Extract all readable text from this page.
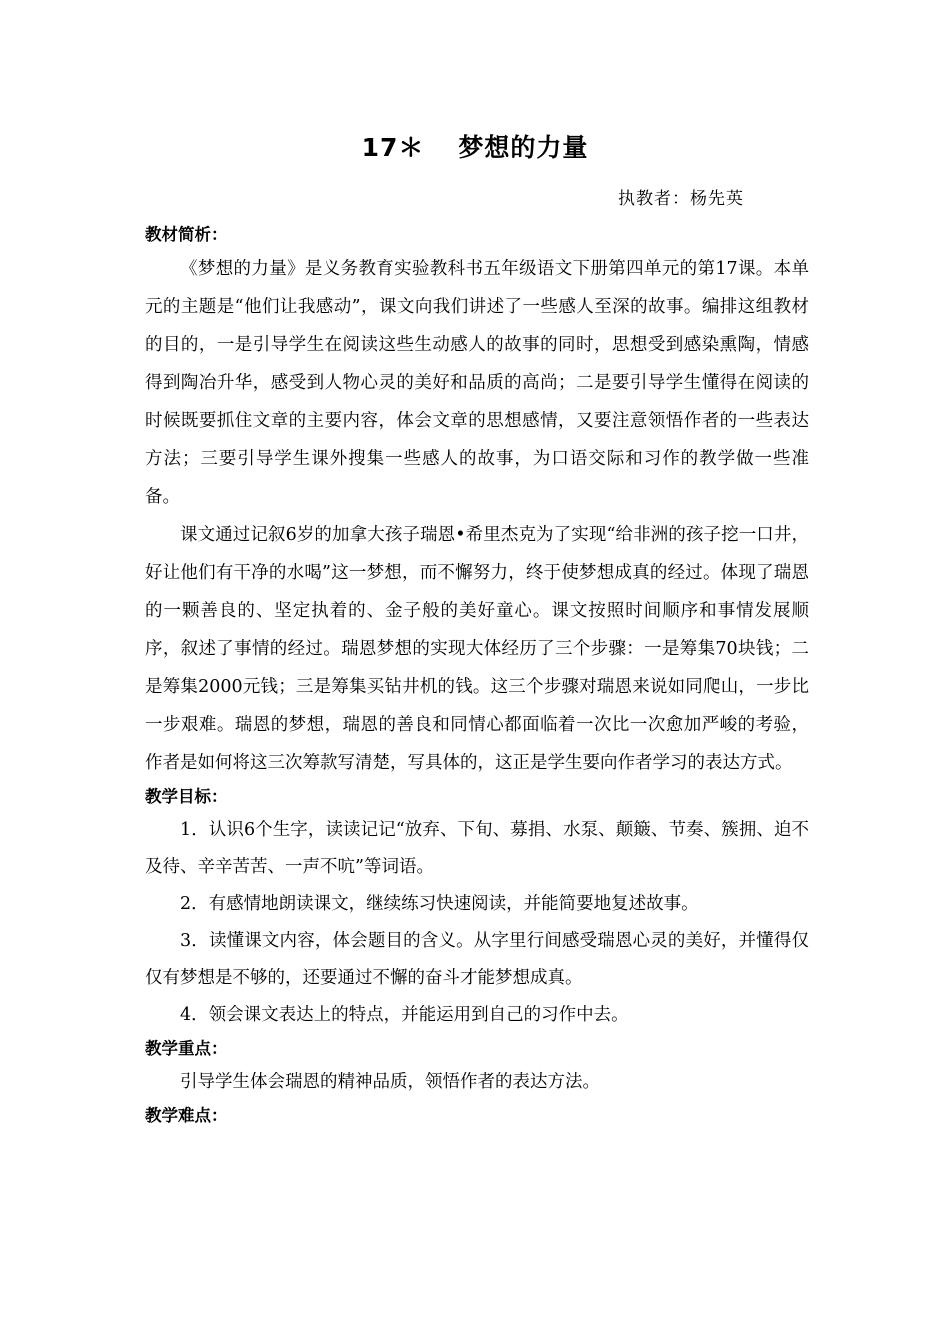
17＊ 梦想的力量
执教者：杨先英

教材简析：

《梦想的力量》是义务教育实验教科书五年级语文下册第四单元的第17课。本单元的主题是“他们让我感动”，课文向我们讲述了一些感人至深的故事。编排这组教材的目的，一是引导学生在阅读这些生动感人的故事的同时，思想受到感染熏陶，情感得到陶冶升华，感受到人物心灵的美好和品质的高尚；二是要引导学生懂得在阅读的时候既要抓住文章的主要内容，体会文章的思想感情，又要注意领悟作者的一些表达方法；三要引导学生课外搜集一些感人的故事，为口语交际和习作的教学做一些准备。

课文通过记叙6岁的加拿大孩子瑞恩•希里杰克为了实现“给非洲的孩子挖一口井，好让他们有干净的水喝”这一梦想，而不懈努力，终于使梦想成真的经过。体现了瑞恩的一颗善良的、坚定执着的、金子般的美好童心。课文按照时间顺序和事情发展顺序，叙述了事情的经过。瑞恩梦想的实现大体经历了三个步骤：一是筹集70块钱；二是筹集2000元钱；三是筹集买钻井机的钱。这三个步骤对瑞恩来说如同爬山，一步比一步艰难。瑞恩的梦想，瑞恩的善良和同情心都面临着一次比一次愈加严峻的考验，作者是如何将这三次筹款写清楚，写具体的，这正是学生要向作者学习的表达方式。

教学目标：

1．认识6个生字，读读记记“放弃、下旬、募捐、水泵、颠簸、节奏、簇拥、迫不及待、辛辛苦苦、一声不吭”等词语。

2．有感情地朗读课文，继续练习快速阅读，并能简要地复述故事。

3．读懂课文内容，体会题目的含义。从字里行间感受瑞恩心灵的美好，并懂得仅仅有梦想是不够的，还要通过不懈的奋斗才能梦想成真。

4．领会课文表达上的特点，并能运用到自己的习作中去。

教学重点：

引导学生体会瑞恩的精神品质，领悟作者的表达方法。

教学难点：
